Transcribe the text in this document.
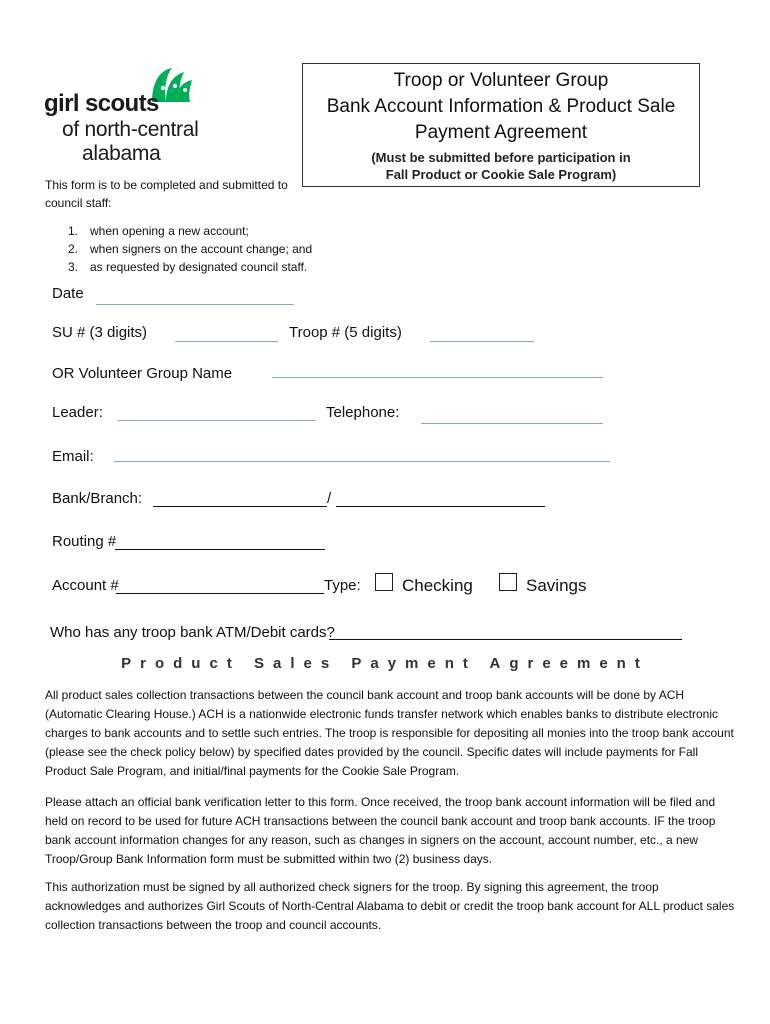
girl scouts
of north-central
alabama
Troop or Volunteer Group
Bank Account Information & Product Sale
Payment Agreement
(Must be submitted before participation in
Fall Product or Cookie Sale Program)
This form is to be completed and submitted to council staff:
1. when opening a new account;
2. when signers on the account change; and
3. as requested by designated council staff.
Date
SU # (3 digits)	Troop # (5 digits)
OR Volunteer Group Name
Leader:	Telephone:
Email:
Bank/Branch:	/
Routing #
Account #	Type: Checking	Savings
Who has any troop bank ATM/Debit cards?
Product Sales Payment Agreement
All product sales collection transactions between the council bank account and troop bank accounts will be done by ACH (Automatic Clearing House.) ACH is a nationwide electronic funds transfer network which enables banks to distribute electronic charges to bank accounts and to settle such entries. The troop is responsible for depositing all monies into the troop bank account (please see the check policy below) by specified dates provided by the council. Specific dates will include payments for Fall Product Sale Program, and initial/final payments for the Cookie Sale Program.
Please attach an official bank verification letter to this form. Once received, the troop bank account information will be filed and held on record to be used for future ACH transactions between the council bank account and troop bank accounts. IF the troop bank account information changes for any reason, such as changes in signers on the account, account number, etc., a new Troop/Group Bank Information form must be submitted within two (2) business days.
This authorization must be signed by all authorized check signers for the troop. By signing this agreement, the troop acknowledges and authorizes Girl Scouts of North-Central Alabama to debit or credit the troop bank account for ALL product sales collection transactions between the troop and council accounts.
